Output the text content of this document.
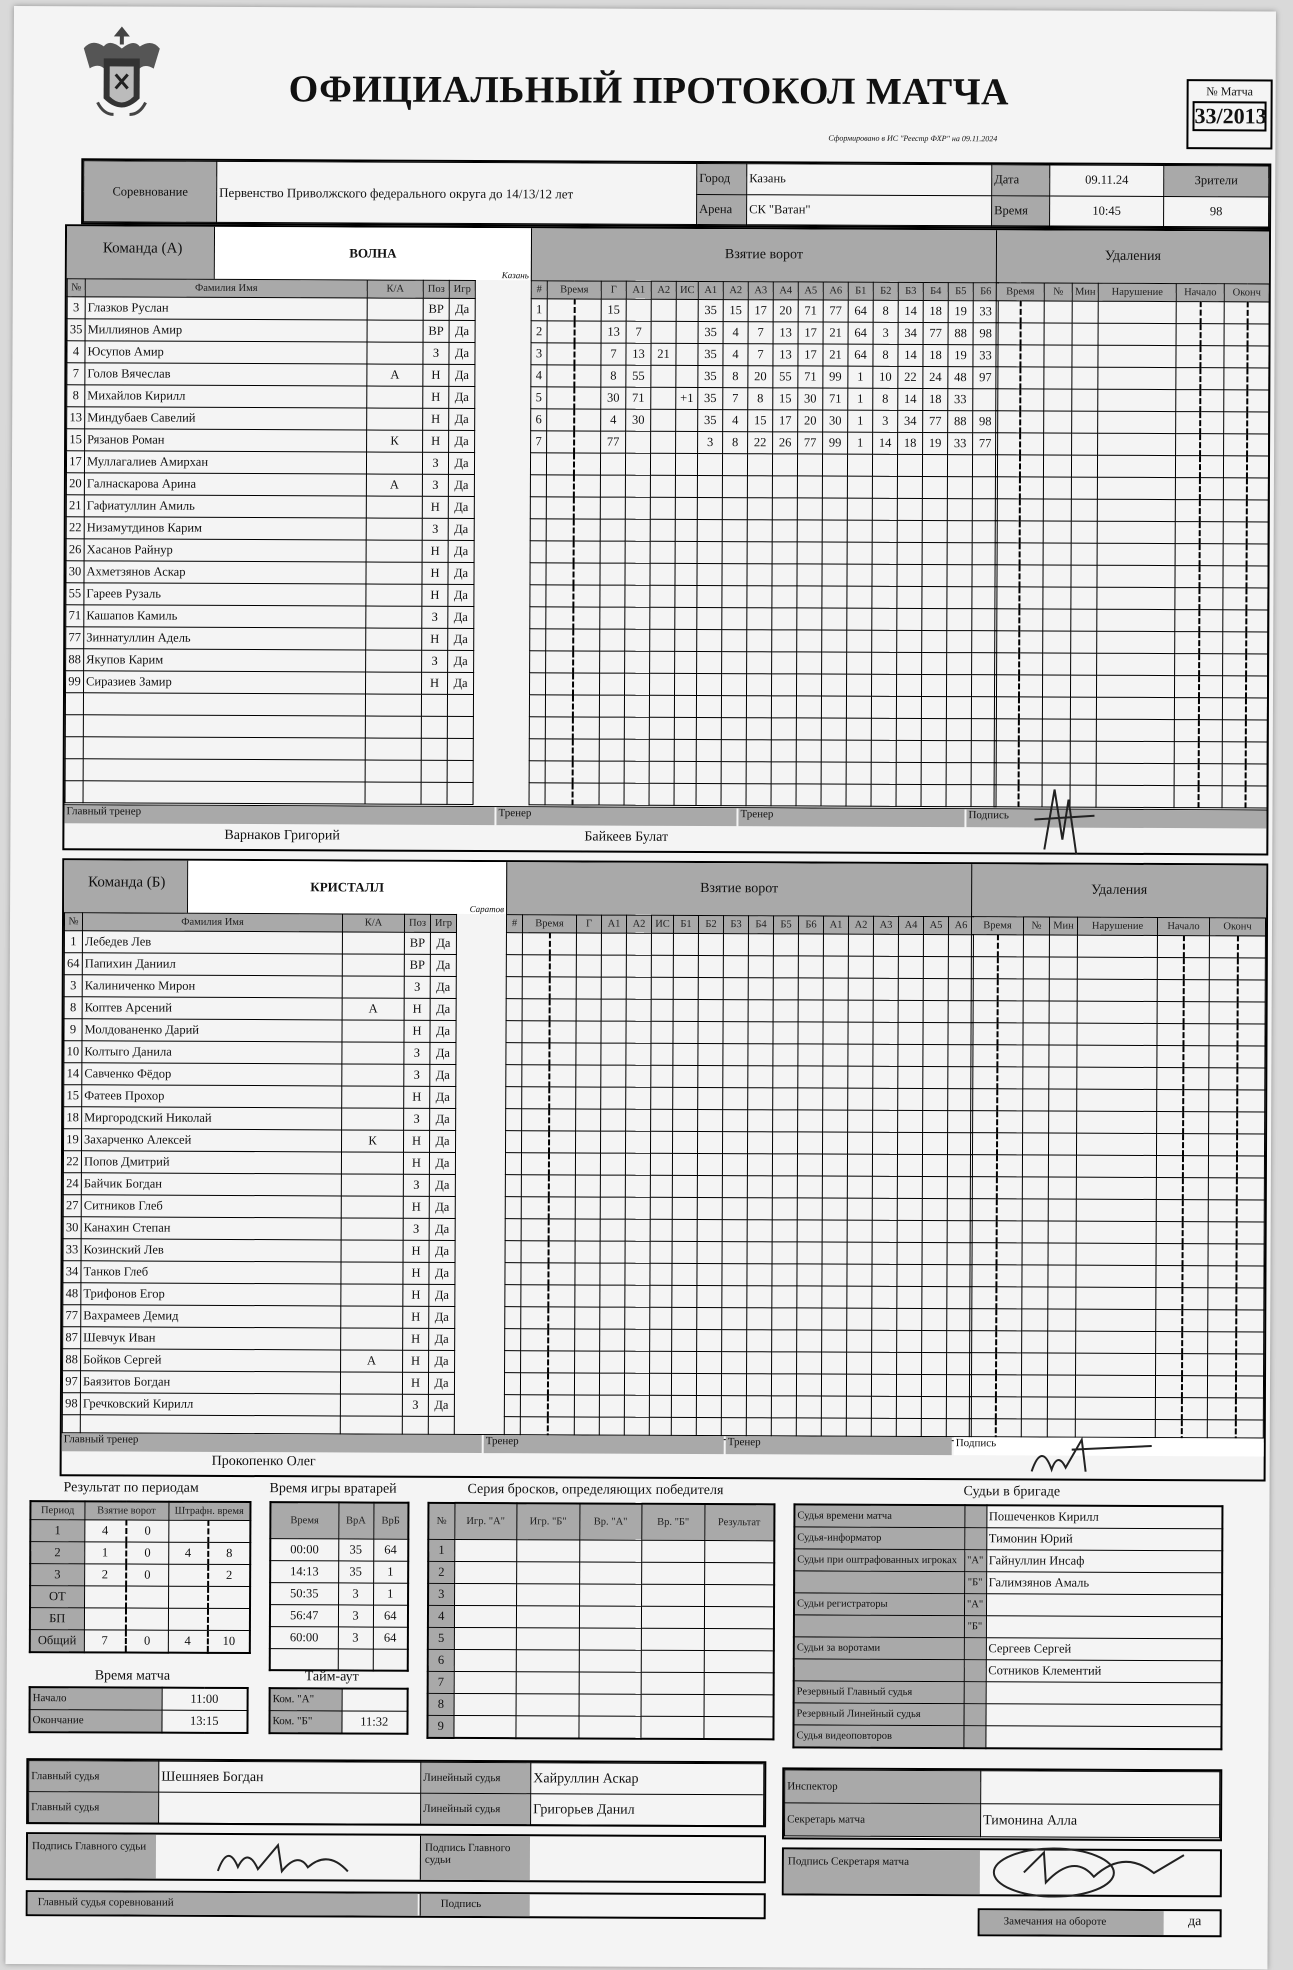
ОФИЦИАЛЬНЫЙ ПРОТОКОЛ МАТЧА
Сформировано в ИС "Реестр ФХР" на 09.11.2024
№ Матча
33/2013
Соревнование	Первенство Приволжского федерального округа до 14/13/12 лет	Город	Казань	Дата	09.11.24	Зрители
		Арена	СК "Ватан"	Время	10:45	98
Команда (А)	ВОЛНА
Казань
Взятие ворот	Удаления
№	Фамилия Имя	К/А	Поз	Игр
3	Глазков Руслан		ВР	Да
35	Миллиянов Амир		ВР	Да
4	Юсупов Амир		З	Да
7	Голов Вячеслав	А	Н	Да
8	Михайлов Кирилл		Н	Да
13	Миндубаев Савелий		Н	Да
15	Рязанов Роман	К	Н	Да
17	Муллагалиев Амирхан		З	Да
20	Галнаскарова Арина	А	З	Да
21	Гафиатуллин Амиль		Н	Да
22	Низамутдинов Карим		З	Да
26	Хасанов Райнур		Н	Да
30	Ахметзянов Аскар		Н	Да
55	Гареев Рузаль		Н	Да
71	Кашапов Камиль		З	Да
77	Зиннатуллин Адель		Н	Да
88	Якупов Карим		З	Да
99	Сиразиев Замир		Н	Да

#	Время		Г	А1	А2	ИС	А1	А2	А3	А4	А5	А6	Б1	Б2	Б3	Б4	Б5	Б6
1			15				35	15	17	20	71	77	64	8	14	18	19	33
2			13	7			35	4	7	13	17	21	64	3	34	77	88	98
3			7	13	21		35	4	7	13	17	21	64	8	14	18	19	33
4			8	55			35	8	20	55	71	99	1	10	22	24	48	97
5			30	71		+1	35	7	8	15	30	71	1	8	14	18	33	
6			4	30			35	4	15	17	20	30	1	3	34	77	88	98
7			77				3	8	22	26	77	99	1	14	18	19	33	77

Время		№	Мин	Нарушение	Начало		Оконч	

Главный тренер
Варнаков Григорий
Тренер
Байкеев Булат
Тренер	Подпись
Команда (Б)	КРИСТАЛЛ
Саратов
Взятие ворот	Удаления
№	Фамилия Имя	К/А	Поз	Игр
1	Лебедев Лев		ВР	Да
64	Папихин Даниил		ВР	Да
3	Калиниченко Мирон		З	Да
8	Коптев Арсений	А	Н	Да
9	Молдованенко Дарий		Н	Да
10	Колтыго Данила		З	Да
14	Савченко Фёдор		З	Да
15	Фатеев Прохор		Н	Да
18	Миргородский Николай		З	Да
19	Захарченко Алексей	К	Н	Да
22	Попов Дмитрий		Н	Да
24	Байчик Богдан		З	Да
27	Ситников Глеб		Н	Да
30	Канахин Степан		З	Да
33	Козинский Лев		Н	Да
34	Танков Глеб		Н	Да
48	Трифонов Егор		Н	Да
77	Вахрамеев Демид		Н	Да
87	Шевчук Иван		Н	Да
88	Бойков Сергей	А	Н	Да
97	Баязитов Богдан		Н	Да
98	Гречковский Кирилл		З	Да

#	Время		Г	А1	А2	ИС	Б1	Б2	Б3	Б4	Б5	Б6	А1	А2	А3	А4	А5	А6

																		Время		№	Мин	Нарушение	Начало		Оконч	

Главный тренер
Прокопенко Олег
Тренер	Тренер	Подпись
Результат по периодам
Период	Взятие ворот		Штрафн. время	
1	4	0		
2	1	0	4	8
3	2	0		2
ОТ				
БП				
Общий	7	0	4	10
Время матча
Начало	11:00
Окончание	13:15
Время игры вратарей
Время	ВрА	ВрБ
00:00	35	64
14:13	35	1
50:35	3	1
56:47	3	64
60:00	3	64

Тайм-аут
Ком. "А"	
Ком. "Б"	11:32
Серия бросков, определяющих победителя
№	Игр. "А"	Игр. "Б"	Вр. "А"	Вр. "Б"	Результат
1					
2					
3					
4					
5					
6					
7					
8					
9					
Судьи в бригаде
Судья времени матча		Пошеченков Кирилл
Судья-информатор		Тимонин Юрий
Судьи при оштрафованных игроках	"А"	Гайнуллин Инсаф
	"Б"	Галимзянов Амаль
Судьи регистраторы	"А"	
	"Б"	
Судьи за воротами		Сергеев Сергей
		Сотников Клементий
Резервный Главный судья		
Резервный Линейный судья		
Судья видеоповторов		
Главный судья	Шешняев Богдан	Линейный судья	Хайруллин Аскар
Главный судья		Линейный судья	Григорьев Данил
Подпись Главного судьи	Подпись Главного судьи
Главный судья соревнований	Подпись
Инспектор	
Секретарь матча	Тимонина Алла
Подпись Секретаря матча
Замечания на обороте	да
